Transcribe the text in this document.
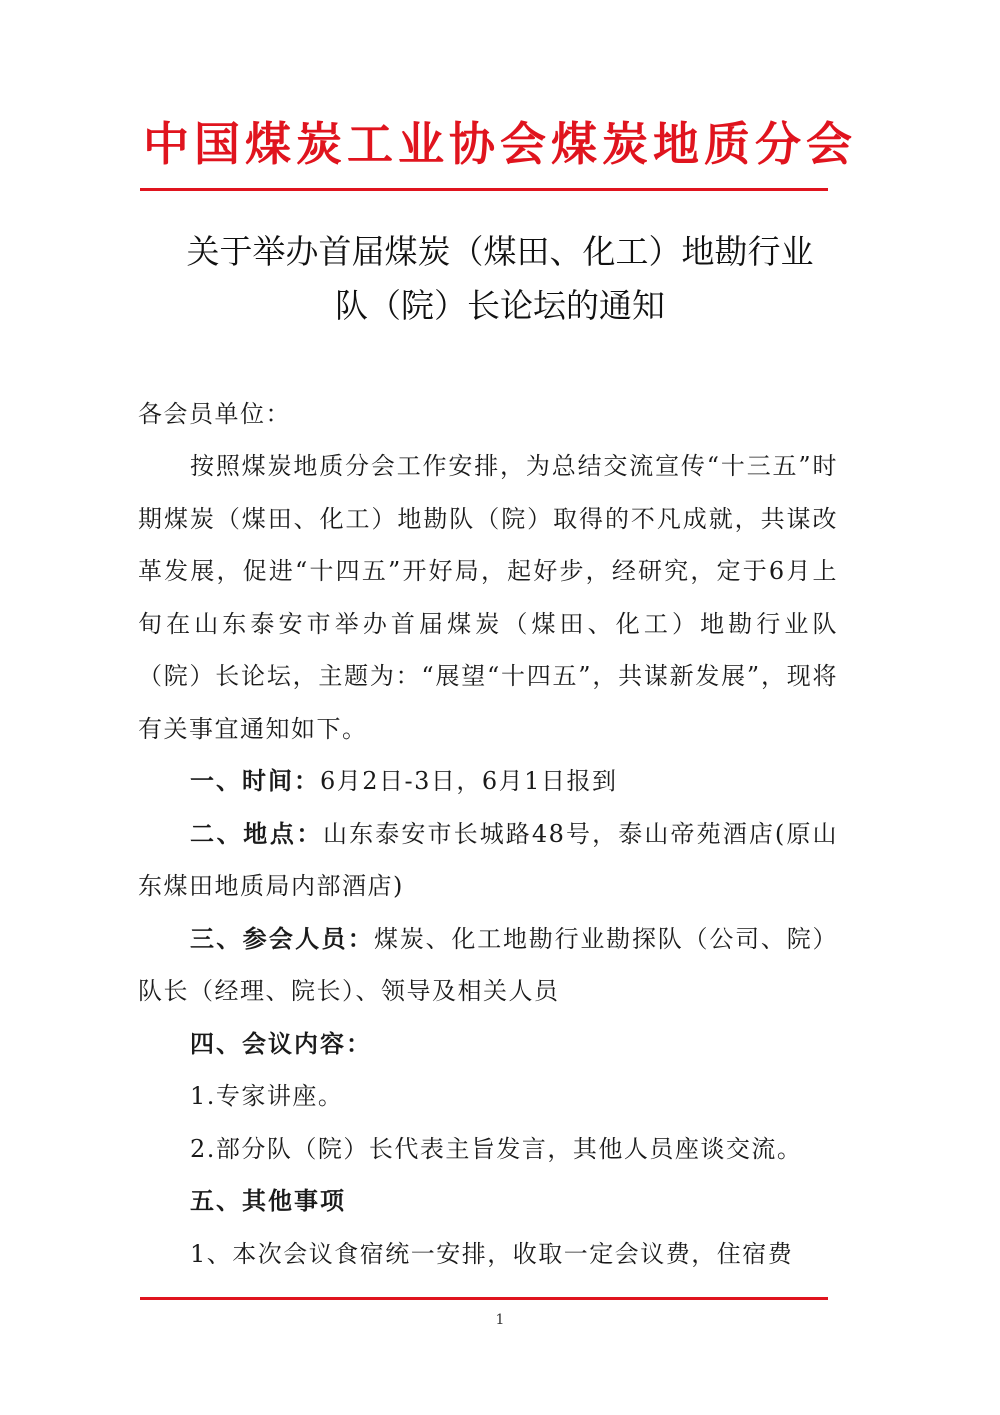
中国煤炭工业协会煤炭地质分会
关于举办首届煤炭（煤田、化工）地勘行业
队（院）长论坛的通知
各会员单位：
按照煤炭地质分会工作安排，为总结交流宣传“十三五”时期煤炭（煤田、化工）地勘队（院）取得的不凡成就，共谋改革发展，促进“十四五”开好局，起好步，经研究，定于6月上旬在山东泰安市举办首届煤炭（煤田、化工）地勘行业队（院）长论坛，主题为：“展望“十四五”，共谋新发展”，现将有关事宜通知如下。
一、时间：6月2日-3日，6月1日报到
二、地点：山东泰安市长城路48号，泰山帝苑酒店(原山东煤田地质局内部酒店)
三、参会人员：煤炭、化工地勘行业勘探队（公司、院）队长（经理、院长）、领导及相关人员
四、会议内容：
1.专家讲座。
2.部分队（院）长代表主旨发言，其他人员座谈交流。
五、其他事项
1、本次会议食宿统一安排，收取一定会议费，住宿费
1
